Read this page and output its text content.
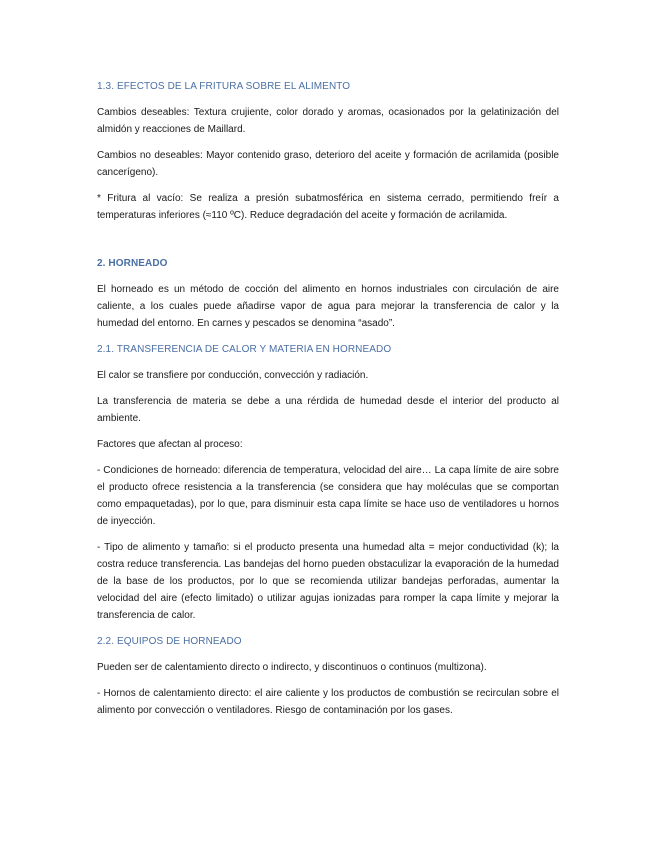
1.3. EFECTOS DE LA FRITURA SOBRE EL ALIMENTO

Cambios deseables: Textura crujiente, color dorado y aromas, ocasionados por la gelatinización del almidón y reacciones de Maillard.

Cambios no deseables: Mayor contenido graso, deterioro del aceite y formación de acrilamida (posible cancerígeno).

* Fritura al vacío: Se realiza a presión subatmosférica en sistema cerrado, permitiendo freír a temperaturas inferiores (≈110 ºC). Reduce degradación del aceite y formación de acrilamida.

2. HORNEADO

El horneado es un método de cocción del alimento en hornos industriales con circulación de aire caliente, a los cuales puede añadirse vapor de agua para mejorar la transferencia de calor y la humedad del entorno. En carnes y pescados se denomina “asado”.

2.1. TRANSFERENCIA DE CALOR Y MATERIA EN HORNEADO

El calor se transfiere por conducción, convección y radiación.

La transferencia de materia se debe a una rérdida de humedad desde el interior del producto al ambiente.

Factores que afectan al proceso:

- Condiciones de horneado: diferencia de temperatura, velocidad del aire… La capa límite de aire sobre el producto ofrece resistencia a la transferencia (se considera que hay moléculas que se comportan como empaquetadas), por lo que, para disminuir esta capa límite se hace uso de ventiladores u hornos de inyección.

- Tipo de alimento y tamaño: si el producto presenta una humedad alta = mejor conductividad (k); la costra reduce transferencia. Las bandejas del horno pueden obstaculizar la evaporación de la humedad de la base de los productos, por lo que se recomienda utilizar bandejas perforadas, aumentar la velocidad del aire (efecto limitado) o utilizar agujas ionizadas para romper la capa límite y mejorar la transferencia de calor.

2.2. EQUIPOS DE HORNEADO

Pueden ser de calentamiento directo o indirecto, y discontinuos o continuos (multizona).

- Hornos de calentamiento directo: el aire caliente y los productos de combustión se recirculan sobre el alimento por convección o ventiladores. Riesgo de contaminación por los gases.
